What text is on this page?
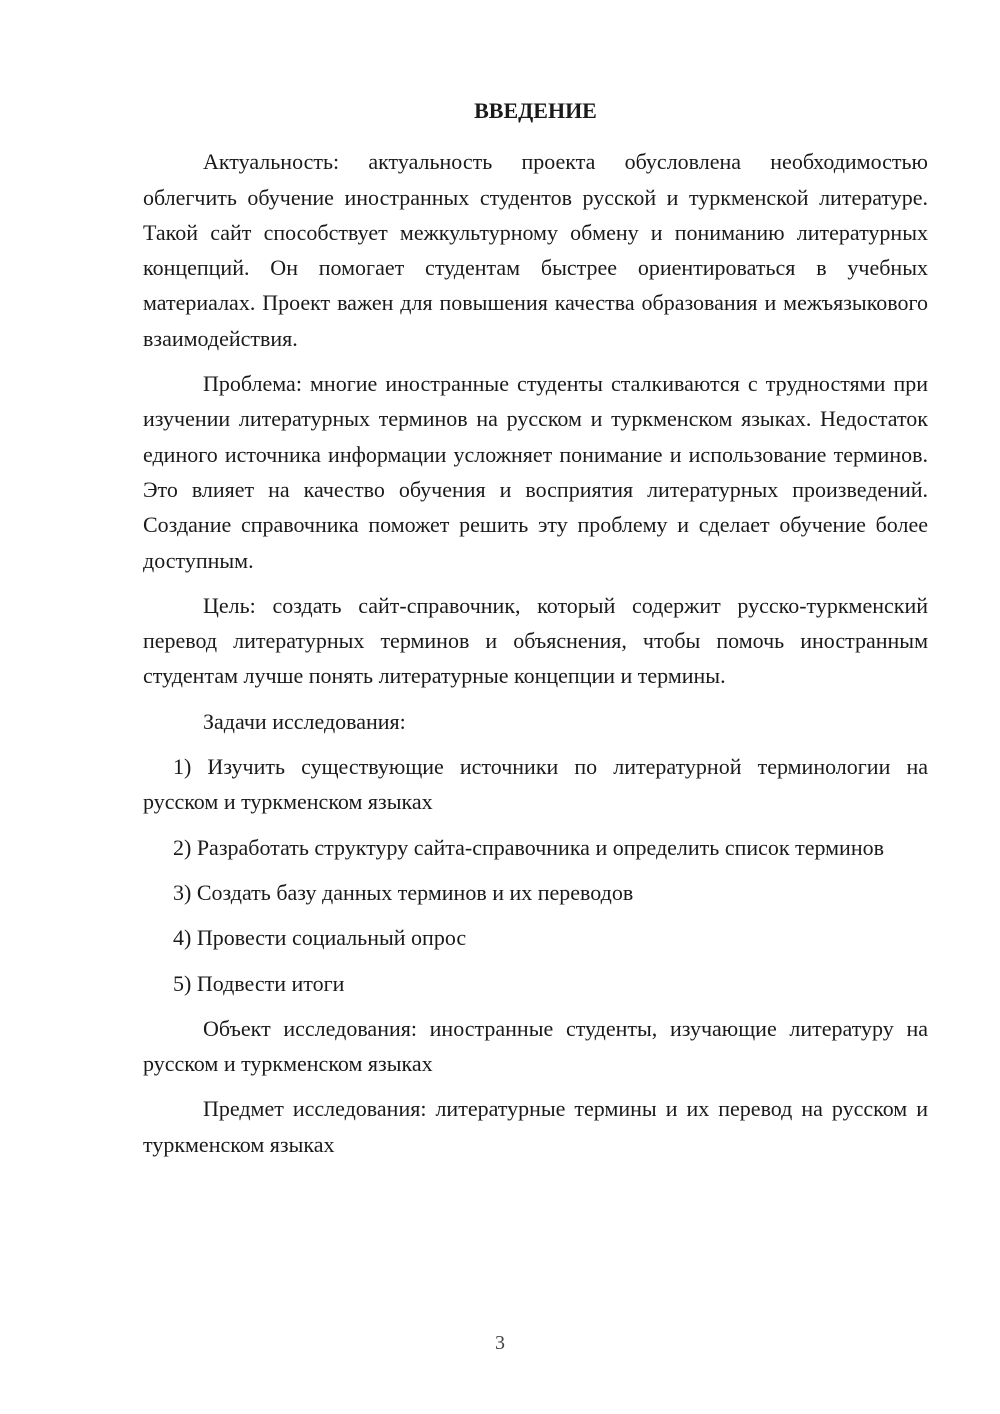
ВВЕДЕНИЕ

Актуальность: актуальность проекта обусловлена необходимостью облегчить обучение иностранных студентов русской и туркменской литературе. Такой сайт способствует межкультурному обмену и пониманию литературных концепций. Он помогает студентам быстрее ориентироваться в учебных материалах. Проект важен для повышения качества образования и межъязыкового взаимодействия.

Проблема: многие иностранные студенты сталкиваются с трудностями при изучении литературных терминов на русском и туркменском языках. Недостаток единого источника информации усложняет понимание и использование терминов. Это влияет на качество обучения и восприятия литературных произведений. Создание справочника поможет решить эту проблему и сделает обучение более доступным.

Цель: создать сайт-справочник, который содержит русско-туркменский перевод литературных терминов и объяснения, чтобы помочь иностранным студентам лучше понять литературные концепции и термины.

Задачи исследования:

1) Изучить существующие источники по литературной терминологии на русском и туркменском языках
2) Разработать структуру сайта-справочника и определить список терминов
3) Создать базу данных терминов и их переводов
4) Провести социальный опрос
5) Подвести итоги

Объект исследования: иностранные студенты, изучающие литературу на русском и туркменском языках

Предмет исследования: литературные термины и их перевод на русском и туркменском языках

3
